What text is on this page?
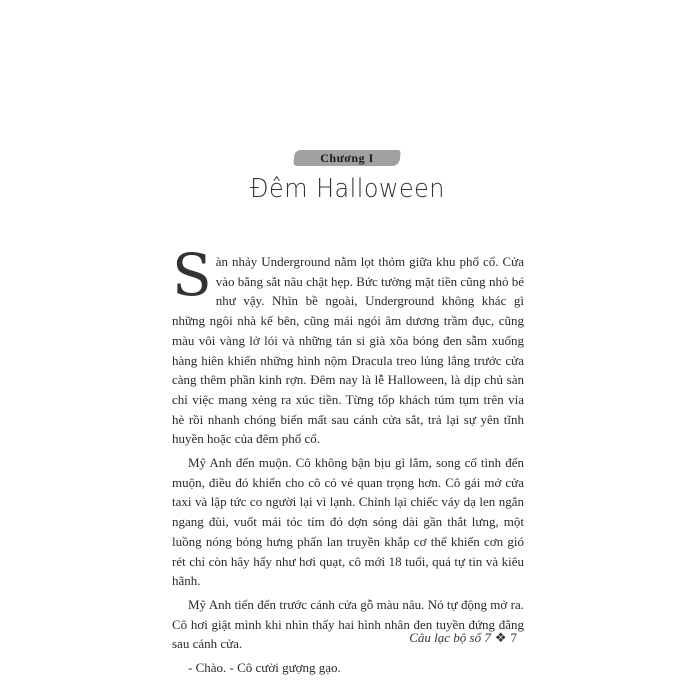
Chương I
Đêm Halloween

Sàn nhảy Underground nằm lọt thỏm giữa khu phố cổ. Cửa vào bằng sắt nâu chật hẹp. Bức tường mặt tiền cũng nhỏ bé như vậy. Nhìn bề ngoài, Underground không khác gì những ngôi nhà kế bên, cũng mái ngói âm dương trầm đục, cũng màu vôi vàng lở lói và những tán si già xõa bóng đen sẫm xuống hàng hiên khiến những hình nộm Dracula treo lủng lẳng trước cửa càng thêm phần kinh rợn. Đêm nay là lễ Halloween, là dịp chủ sàn chỉ việc mang xẻng ra xúc tiền. Từng tốp khách túm tụm trên vỉa hè rồi nhanh chóng biến mất sau cánh cửa sắt, trả lại sự yên tĩnh huyền hoặc của đêm phố cổ.

Mỹ Anh đến muộn. Cô không bận bịu gì lắm, song cố tình đến muộn, điều đó khiến cho cô có vẻ quan trọng hơn. Cô gái mở cửa taxi và lập tức co người lại vì lạnh. Chỉnh lại chiếc váy dạ len ngắn ngang đùi, vuốt mái tóc tím đỏ dợn sóng dài gần thắt lưng, một luồng nóng bỏng hưng phấn lan truyền khắp cơ thể khiến cơn gió rét chỉ còn hây hẩy như hơi quạt, cô mới 18 tuổi, quá tự tin và kiêu hãnh.

Mỹ Anh tiến đến trước cánh cửa gỗ màu nâu. Nó tự động mở ra. Cô hơi giật mình khi nhìn thấy hai hình nhân đen tuyền đứng đằng sau cánh cửa.

- Chào. - Cô cười gượng gạo.

Câu lạc bộ số 7 ❖ 7
